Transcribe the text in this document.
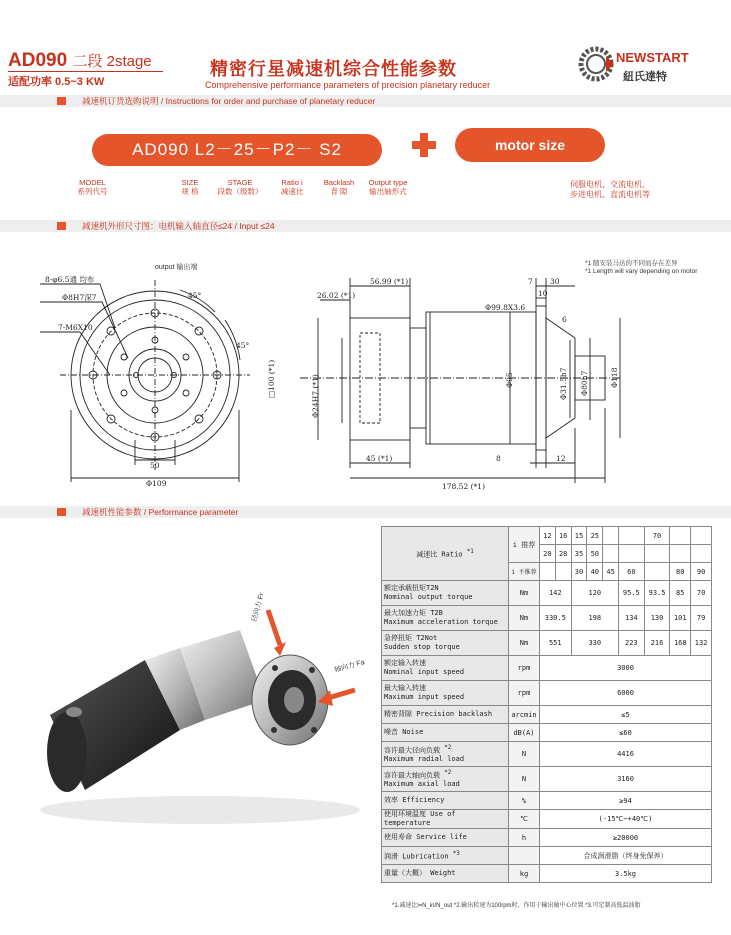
AD090 二段 2stage
适配功率 0.5~3 KW
精密行星减速机综合性能参数
Comprehensive performance parameters of precision planetary reducer
NEWSTART
紐氏達特
减速机订货选购说明 / Instructions for order and purchase of planetary reducer
AD090 L2－25－P2－ S2	motor size
MODEL
系列代号
SIZE
规 格
STAGE
段数（级数）
Ratio i
减速比
Backlash
背 隙
Output type
输出轴形式
伺服电机、交流电机、
步进电机、直流电机等
减速机外形尺寸图：电机输入轴直径≤24 / Input ≤24
output 输出端
*1 随安装马达的不同而存在差异
*1 Length will vary depending on motor
8-φ6.5通 均布
Φ8H7深7
7-M6X10
45°
45°
50
Φ109
26.02 (*1)
56.99 (*1)	7 30
10
Φ99.8X3.6
6
□100 (*1)	Φ24H7 (*1)	Φ95	Φ31.5h7 Φ80h7	Φ118
45 (*1)	8	12
178.52 (*1)
减速机性能参数 / Performance parameter
径向力 Fr
轴向力 Fa
减速比 Ratio $^{*1}$	i 推荐	12	16	15	25			70		
		20	28	35	50					
	i 不推荐			30	40	45	60		80	90

额定承载扭矩T2N
Nominal output torque	Nm	142		120			95.5	93.5	85	70

最大加速力矩 T2B
Maximum acceleration torque	Nm	330.5		198			134	130	101	79

急停扭矩 T2Not
Sudden stop torque	Nm	551		330			223	216	168	132

额定输入转速
Nominal input speed	rpm	3000								

最大输入转速
Maximum input speed	rpm	6000								
精密背隙 Precision backlash	arcmin	≤5								
噪音 Noise	dB(A)	≤60								

容许最大径向负载 $^{*2}$
Maximum radial load	N	4416								

容许最大轴向负载 $^{*2}$
Maximum axial load	N	3160								
效率 Efficiency	%	≥94								
使用环境温度 Use of temperature	℃	(-15℃~+40℃)								
使用寿命 Service life	h	≥20000								
润滑 Lubrication $^{*3}$		合成润滑脂（终身免保养）								
重量（大概） Weight	kg	3.5kg								
*1.减速比i=N_in/N_out *2.输出转速为100rpm时，作用于输出轴中心位置 *3.可定制高低温油脂
